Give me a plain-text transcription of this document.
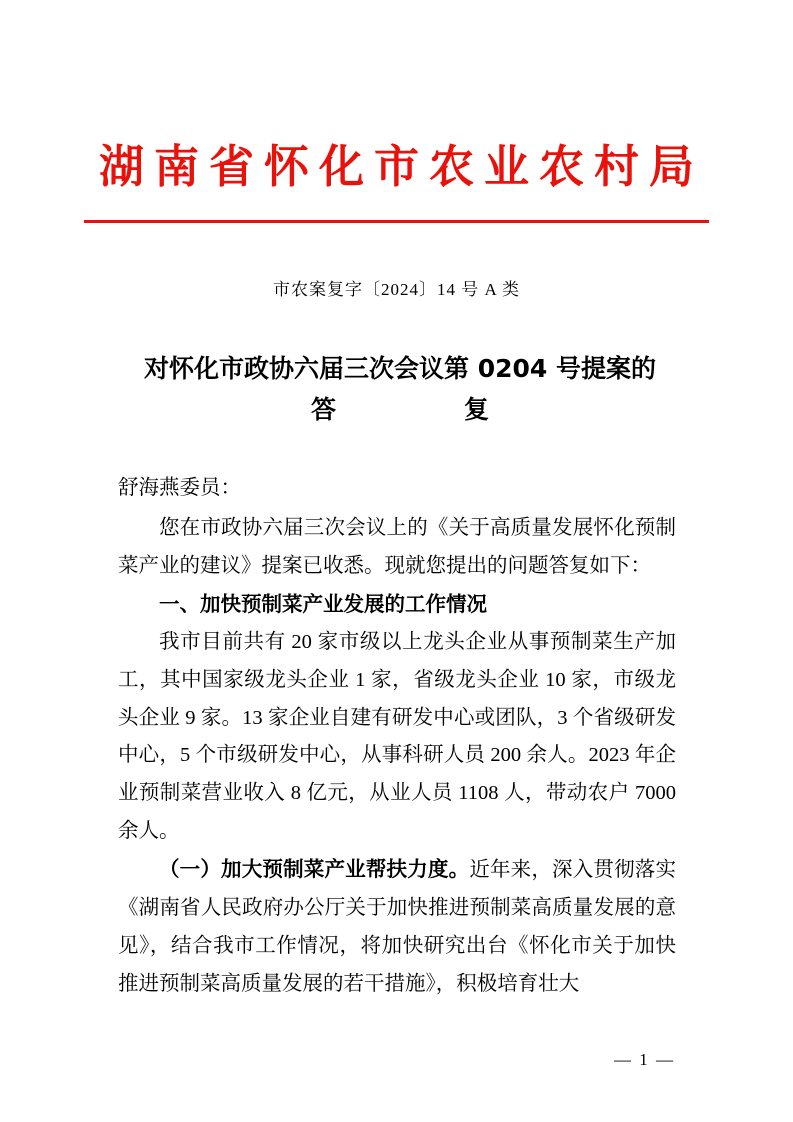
湖南省怀化市农业农村局
市农案复字〔2024〕14 号 A 类
对怀化市政协六届三次会议第 0204 号提案的
答　　复

舒海燕委员：

您在市政协六届三次会议上的《关于高质量发展怀化预制菜产业的建议》提案已收悉。现就您提出的问题答复如下：

一、加快预制菜产业发展的工作情况

我市目前共有 20 家市级以上龙头企业从事预制菜生产加工，其中国家级龙头企业 1 家，省级龙头企业 10 家，市级龙头企业 9 家。13 家企业自建有研发中心或团队，3 个省级研发中心，5 个市级研发中心，从事科研人员 200 余人。2023 年企业预制菜营业收入 8 亿元，从业人员 1108 人，带动农户 7000 余人。

（一）加大预制菜产业帮扶力度。近年来，深入贯彻落实《湖南省人民政府办公厅关于加快推进预制菜高质量发展的意见》，结合我市工作情况，将加快研究出台《怀化市关于加快推进预制菜高质量发展的若干措施》，积极培育壮大

— 1 —
